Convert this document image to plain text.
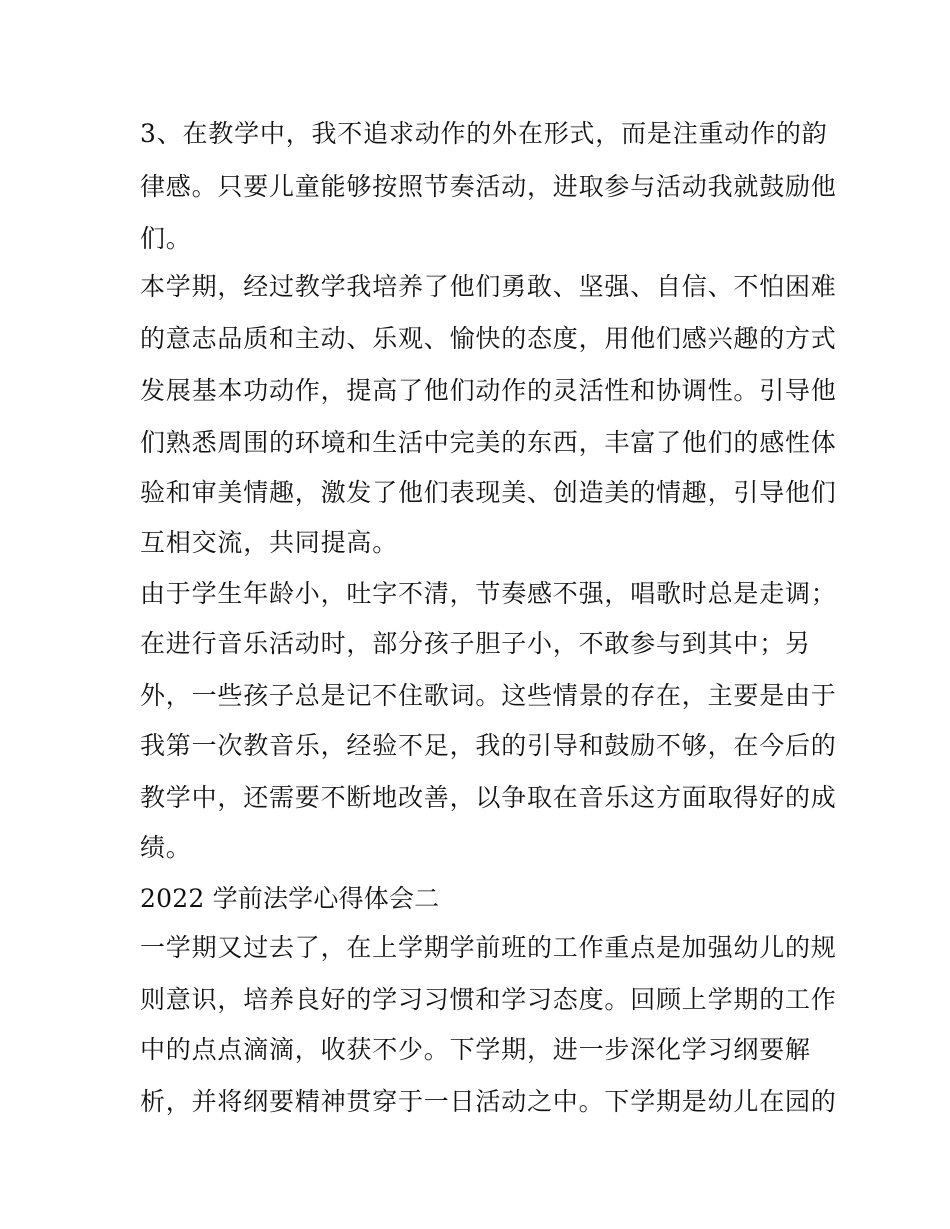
3、在教学中，我不追求动作的外在形式，而是注重动作的韵
律感。只要儿童能够按照节奏活动，进取参与活动我就鼓励他
们。
本学期，经过教学我培养了他们勇敢、坚强、自信、不怕困难
的意志品质和主动、乐观、愉快的态度，用他们感兴趣的方式
发展基本功动作，提高了他们动作的灵活性和协调性。引导他
们熟悉周围的环境和生活中完美的东西，丰富了他们的感性体
验和审美情趣，激发了他们表现美、创造美的情趣，引导他们
互相交流，共同提高。
由于学生年龄小，吐字不清，节奏感不强，唱歌时总是走调；
在进行音乐活动时，部分孩子胆子小，不敢参与到其中；另
外，一些孩子总是记不住歌词。这些情景的存在，主要是由于
我第一次教音乐，经验不足，我的引导和鼓励不够，在今后的
教学中，还需要不断地改善，以争取在音乐这方面取得好的成
绩。
2022 学前法学心得体会二
一学期又过去了，在上学期学前班的工作重点是加强幼儿的规
则意识，培养良好的学习习惯和学习态度。回顾上学期的工作
中的点点滴滴，收获不少。下学期，进一步深化学习纲要解
析，并将纲要精神贯穿于一日活动之中。下学期是幼儿在园的
